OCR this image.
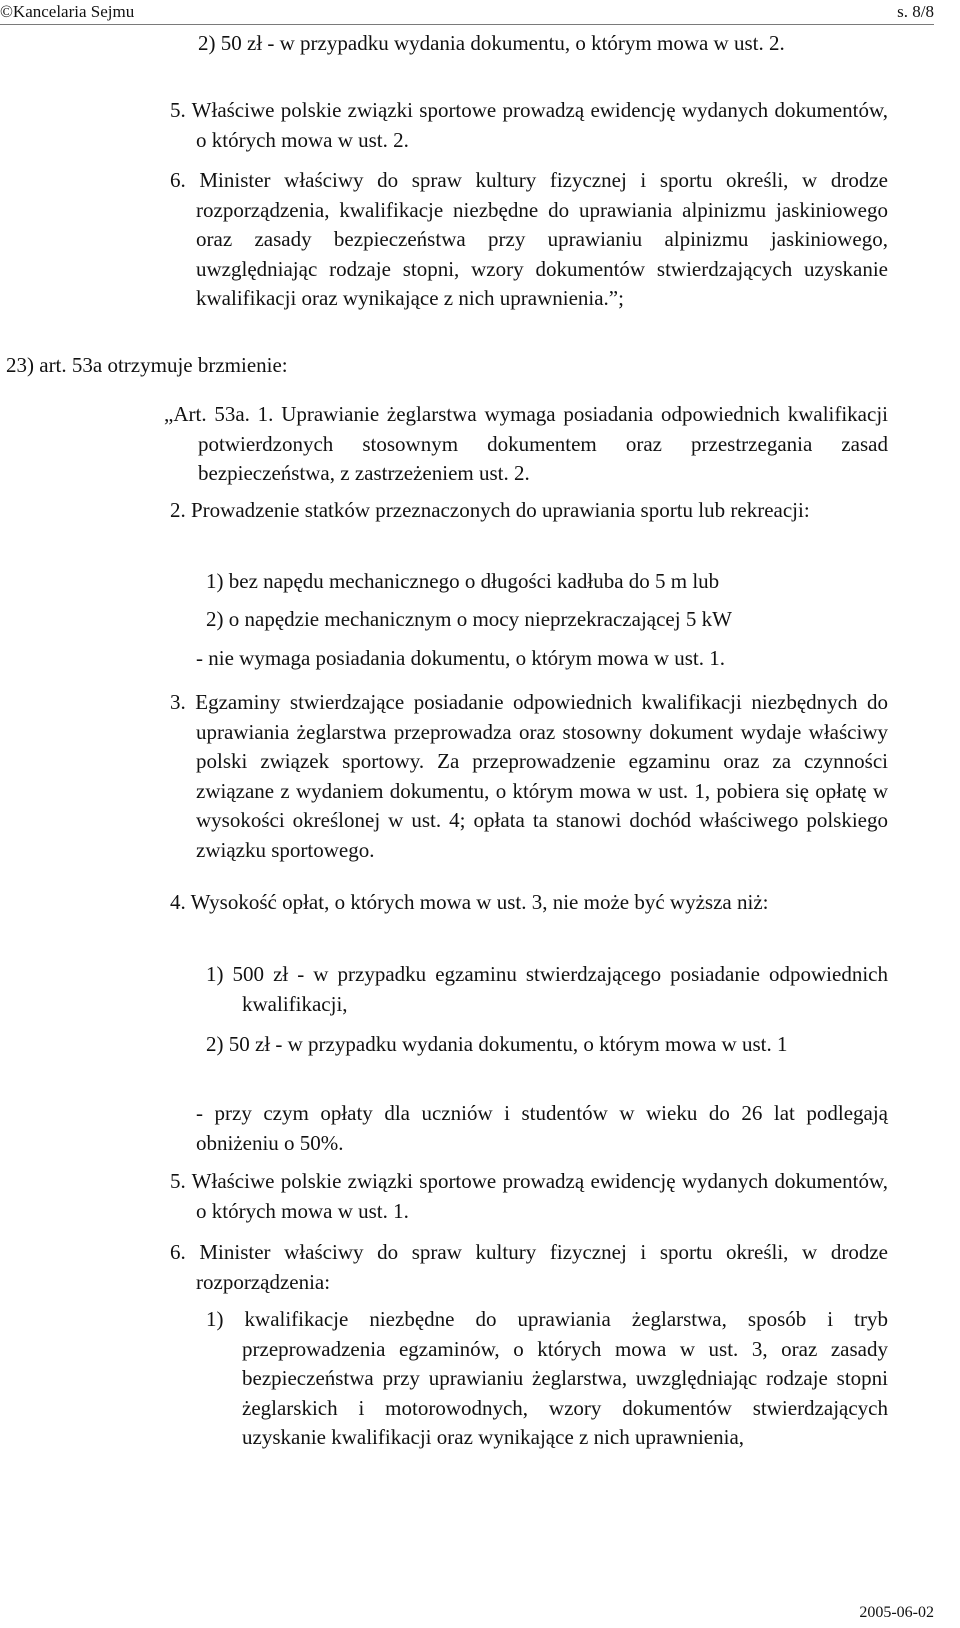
©Kancelaria Sejmu	s. 8/8

2) 50 zł - w przypadku wydania dokumentu, o którym mowa w ust. 2.

5. Właściwe polskie związki sportowe prowadzą ewidencję wydanych dokumentów, o których mowa w ust. 2.

6. Minister właściwy do spraw kultury fizycznej i sportu określi, w drodze rozporządzenia, kwalifikacje niezbędne do uprawiania alpinizmu jaskiniowego oraz zasady bezpieczeństwa przy uprawianiu alpinizmu jaskiniowego, uwzględniając rodzaje stopni, wzory dokumentów stwierdzających uzyskanie kwalifikacji oraz wynikające z nich uprawnienia.”;

23) art. 53a otrzymuje brzmienie:

„Art. 53a. 1. Uprawianie żeglarstwa wymaga posiadania odpowiednich kwalifikacji potwierdzonych stosownym dokumentem oraz przestrzegania zasad bezpieczeństwa, z zastrzeżeniem ust. 2.

2. Prowadzenie statków przeznaczonych do uprawiania sportu lub rekreacji:

1) bez napędu mechanicznego o długości kadłuba do 5 m lub

2) o napędzie mechanicznym o mocy nieprzekraczającej 5 kW

- nie wymaga posiadania dokumentu, o którym mowa w ust. 1.

3. Egzaminy stwierdzające posiadanie odpowiednich kwalifikacji niezbędnych do uprawiania żeglarstwa przeprowadza oraz stosowny dokument wydaje właściwy polski związek sportowy. Za przeprowadzenie egzaminu oraz za czynności związane z wydaniem dokumentu, o którym mowa w ust. 1, pobiera się opłatę w wysokości określonej w ust. 4; opłata ta stanowi dochód właściwego polskiego związku sportowego.

4. Wysokość opłat, o których mowa w ust. 3, nie może być wyższa niż:

1) 500 zł - w przypadku egzaminu stwierdzającego posiadanie odpowiednich kwalifikacji,

2) 50 zł - w przypadku wydania dokumentu, o którym mowa w ust. 1

- przy czym opłaty dla uczniów i studentów w wieku do 26 lat podlegają obniżeniu o 50%.

5. Właściwe polskie związki sportowe prowadzą ewidencję wydanych dokumentów, o których mowa w ust. 1.

6. Minister właściwy do spraw kultury fizycznej i sportu określi, w drodze rozporządzenia:

1) kwalifikacje niezbędne do uprawiania żeglarstwa, sposób i tryb przeprowadzenia egzaminów, o których mowa w ust. 3, oraz zasady bezpieczeństwa przy uprawianiu żeglarstwa, uwzględniając rodzaje stopni żeglarskich i motorowodnych, wzory dokumentów stwierdzających uzyskanie kwalifikacji oraz wynikające z nich uprawnienia,

2005-06-02
